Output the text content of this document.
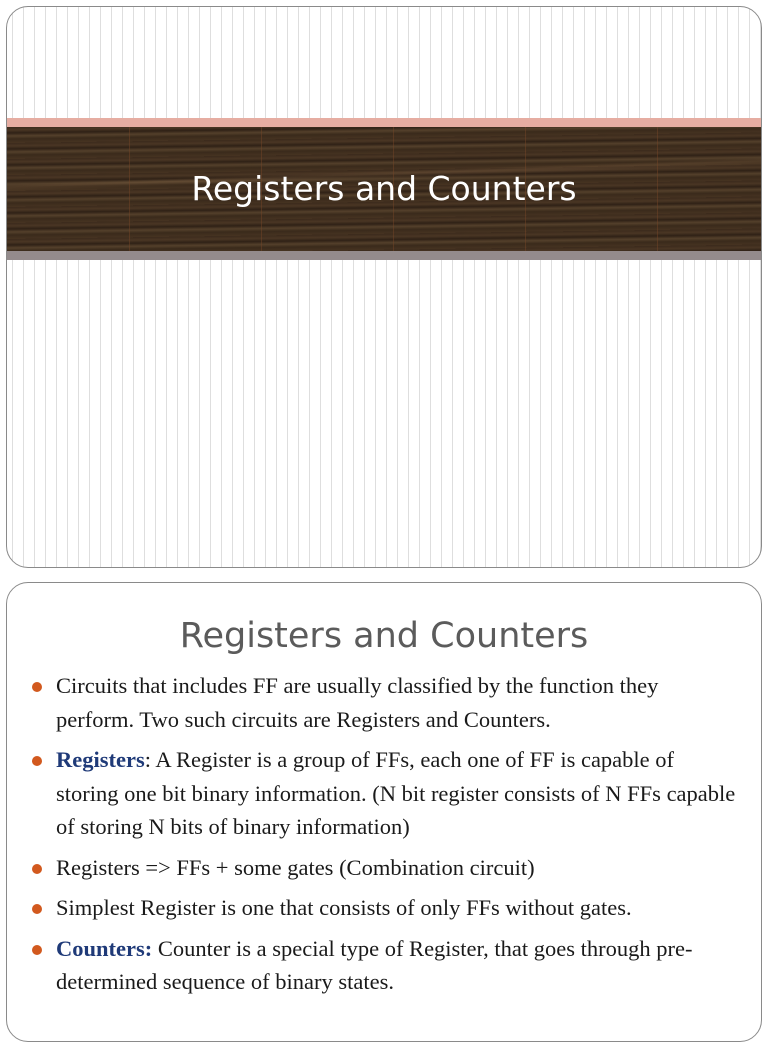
Registers and Counters
Registers and Counters
Circuits that includes FF are usually classified by the function they perform. Two such circuits are Registers and Counters.
Registers: A Register is a group of FFs, each one of FF is capable of storing one bit binary information. (N bit register consists of N FFs capable of storing N bits of binary information)
Registers => FFs + some gates (Combination circuit)
Simplest Register is one that consists of only FFs without gates.
Counters: Counter is a special type of Register, that goes through pre- determined sequence of binary states.
